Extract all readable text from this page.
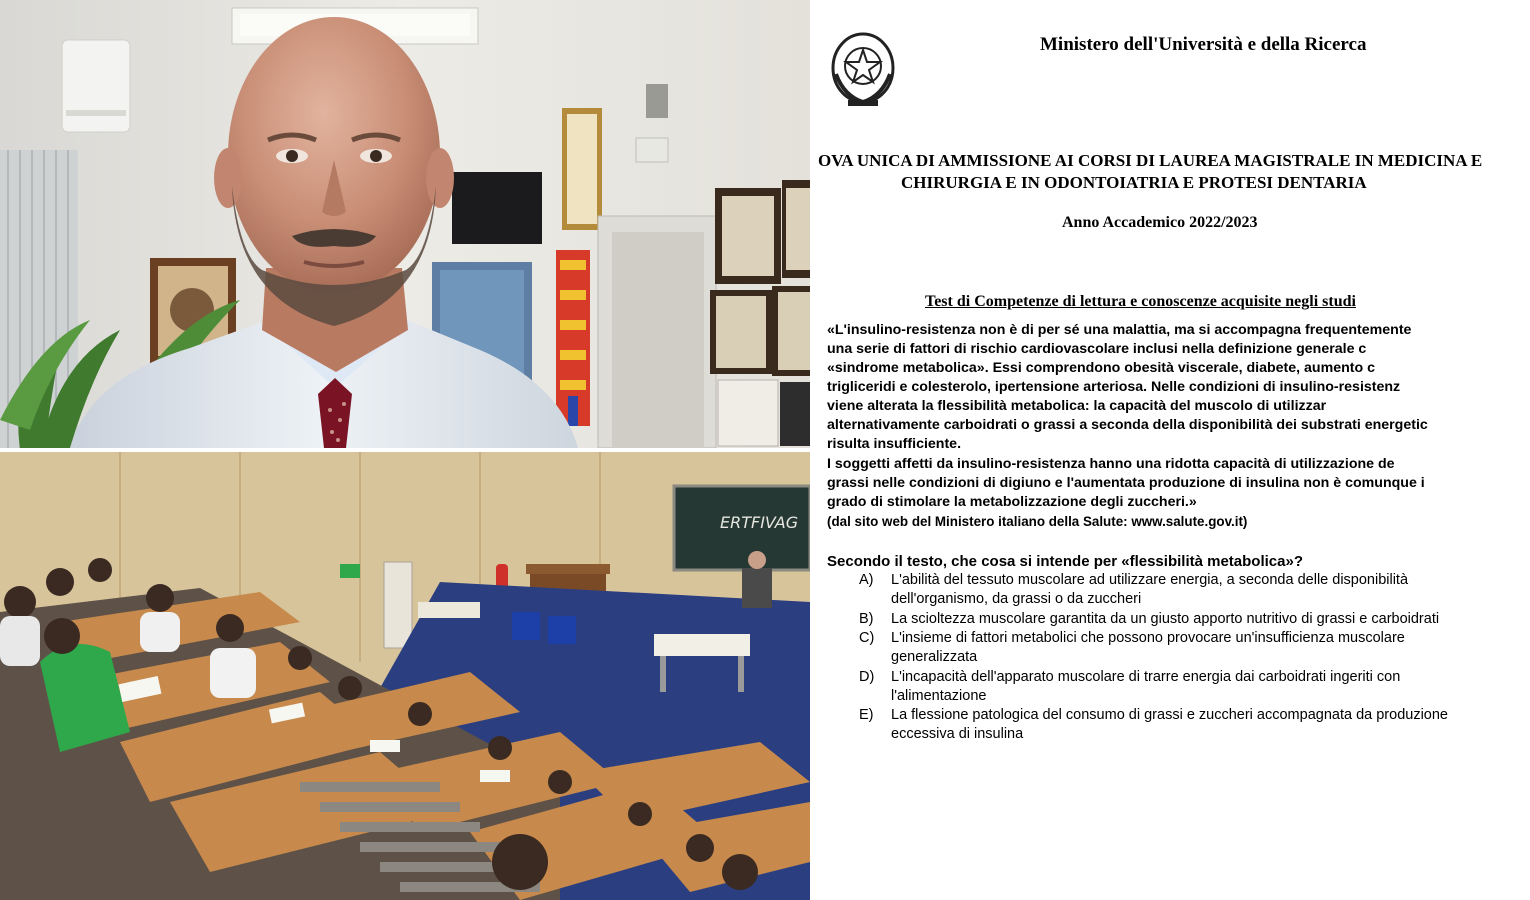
ERTFIVAG
Ministero dell'Università e della Ricerca
OVA UNICA DI AMMISSIONE AI CORSI DI LAUREA MAGISTRALE IN MEDICINA E
CHIRURGIA E IN ODONTOIATRIA E PROTESI DENTARIA
Anno Accademico 2022/2023
Test di Competenze di lettura e conoscenze acquisite negli studi
«L'insulino-resistenza non è di per sé una malattia, ma si accompagna frequentemente
una serie di fattori di rischio cardiovascolare inclusi nella definizione generale c
«sindrome metabolica». Essi comprendono obesità viscerale, diabete, aumento c
trigliceridi e colesterolo, ipertensione arteriosa. Nelle condizioni di insulino-resistenz
viene alterata la flessibilità metabolica: la capacità del muscolo di utilizzar
alternativamente carboidrati o grassi a seconda della disponibilità dei substrati energetic
risulta insufficiente.
I soggetti affetti da insulino-resistenza hanno una ridotta capacità di utilizzazione de
grassi nelle condizioni di digiuno e l'aumentata produzione di insulina non è comunque i
grado di stimolare la metabolizzazione degli zuccheri.»
(dal sito web del Ministero italiano della Salute: www.salute.gov.it)
Secondo il testo, che cosa si intende per «flessibilità metabolica»?
A) L'abilità del tessuto muscolare ad utilizzare energia, a seconda delle disponibilità
dell'organismo, da grassi o da zuccheri
B) La scioltezza muscolare garantita da un giusto apporto nutritivo di grassi e carboidrati
C) L'insieme di fattori metabolici che possono provocare un'insufficienza muscolare
generalizzata
D) L'incapacità dell'apparato muscolare di trarre energia dai carboidrati ingeriti con
l'alimentazione
E) La flessione patologica del consumo di grassi e zuccheri accompagnata da produzione
eccessiva di insulina
